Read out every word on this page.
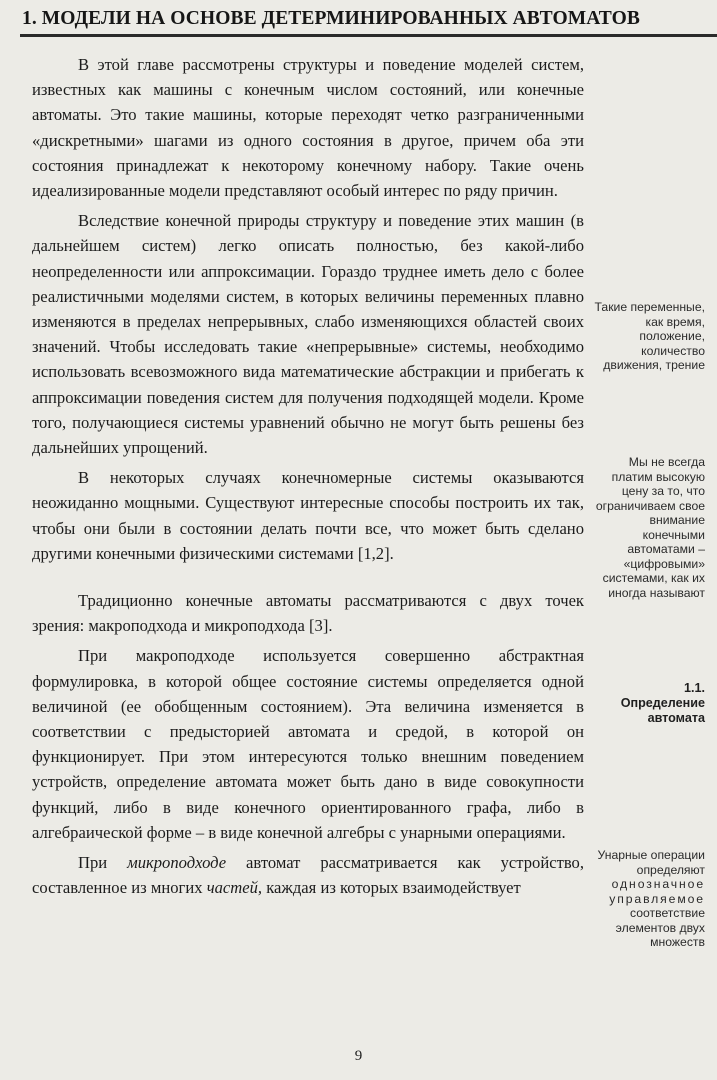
1. МОДЕЛИ НА ОСНОВЕ ДЕТЕРМИНИРОВАННЫХ АВТОМАТОВ

В этой главе рассмотрены структуры и поведение моделей систем, известных как машины с конечным числом состояний, или конечные автоматы. Это такие машины, которые переходят четко разграниченными «дискретными» шагами из одного состояния в другое, причем оба эти состояния принадлежат к некоторому конечному набору. Такие очень идеализированные модели представляют особый интерес по ряду причин.

Вследствие конечной природы структуру и поведение этих машин (в дальнейшем систем) легко описать полностью, без какой-либо неопределенности или аппроксимации. Гораздо труднее иметь дело с более реалистичными моделями систем, в которых величины переменных плавно изменяются в пределах непрерывных, слабо изменяющихся областей своих значений. Чтобы исследовать такие «непрерывные» системы, необходимо использовать всевозможного вида математические абстракции и прибегать к аппроксимации поведения систем для получения подходящей модели. Кроме того, получающиеся системы уравнений обычно не могут быть решены без дальнейших упрощений.

В некоторых случаях конечномерные системы оказываются неожиданно мощными. Существуют интересные способы построить их так, чтобы они были в состоянии делать почти все, что может быть сделано другими конечными физическими системами [1,2].

Традиционно конечные автоматы рассматриваются с двух точек зрения: макроподхода и микроподхода [3].

При макроподходе используется совершенно абстрактная формулировка, в которой общее состояние системы определяется одной величиной (ее обобщенным состоянием). Эта величина изменяется в соответствии с предысторией автомата и средой, в которой он функционирует. При этом интересуются только внешним поведением устройств, определение автомата может быть дано в виде совокупности функций, либо в виде конечного ориентированного графа, либо в алгебраической форме – в виде конечной алгебры с унарными операциями.

При микроподходе автомат рассматривается как устройство, составленное из многих частей, каждая из которых взаимодействует

Такие переменные, как время, положение, количество движения, трение
Мы не всегда платим высокую цену за то, что ограничиваем свое внимание конечными автоматами – «цифровыми» системами, как их иногда называют
1.1.
Определение автомата
Унарные операции определяют
однозначное
управляемое
соответствие элементов двух множеств
9
